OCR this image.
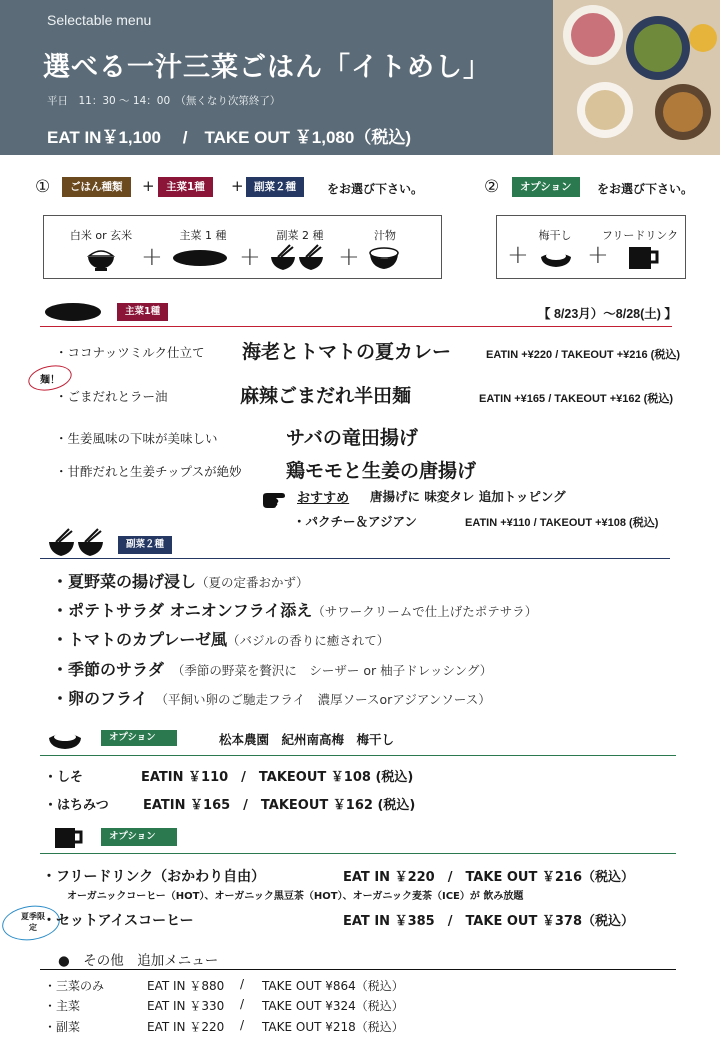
Selectable menu
選べる一汁三菜ごはん「イトめし」
平日　11：30 〜 14：00　（無くなり次第終了）
EAT IN￥1,100　 /　TAKE OUT ￥1,080（税込)
①	ごはん種類	+	主菜1種	+ 副菜２種	をお選び下さい。	②	オプション	をお選び下さい。
白米 or 玄米	主菜 1 種	副菜 2 種	汁物
+	+	+
梅干し	フリードリンク
+ +
主菜1種	【 8/23月）〜8/28(土) 】
・ココナッツミルク仕立て 海老とトマトの夏カレー	EATIN +¥220 / TAKEOUT +¥216 (税込)
麺！
・ごまだれとラー油	麻辣ごまだれ半田麺	EATIN +¥165 / TAKEOUT +¥162 (税込)
・生姜風味の下味が美味しい	サバの竜田揚げ
・甘酢だれと生姜チップスが絶妙 鶏モモと生姜の唐揚げ
おすすめ 唐揚げに 味変タレ 追加トッピング
・パクチー＆アジアン	EATIN +¥110 / TAKEOUT +¥108 (税込)
副菜２種
・夏野菜の揚げ浸し（夏の定番おかず）
・ポテトサラダ オニオンフライ添え（サワークリームで仕上げたポテサラ）
・トマトのカプレーゼ風（バジルの香りに癒されて）
・季節のサラダ （季節の野菜を贅沢に　シーザー or 柚子ドレッシング）
・卵のフライ （平飼い卵のご馳走フライ　濃厚ソースorアジアンソース）
オプション	松本農園　紀州南高梅　梅干し
・しそ	EATIN ￥110　/　TAKEOUT ￥108 (税込)
・はちみつ	EATIN ￥165　/　TAKEOUT ￥162 (税込)
オプション
・フリードリンク（おかわり自由）	EAT IN ￥220　/　TAKE OUT ￥216（税込）
オーガニックコーヒー（HOT）、オーガニック黒豆茶（HOT）、オーガニック麦茶（ICE）が 飲み放題
夏季限定 ・セットアイスコーヒー	EAT IN ￥385　/　TAKE OUT ￥378（税込）
●　その他　追加メニュー
・三菜のみ	EAT IN ￥880 / TAKE OUT ¥864（税込）
・主菜	EAT IN ￥330 / TAKE OUT ¥324（税込）
・副菜	EAT IN ￥220 / TAKE OUT ¥218（税込）
